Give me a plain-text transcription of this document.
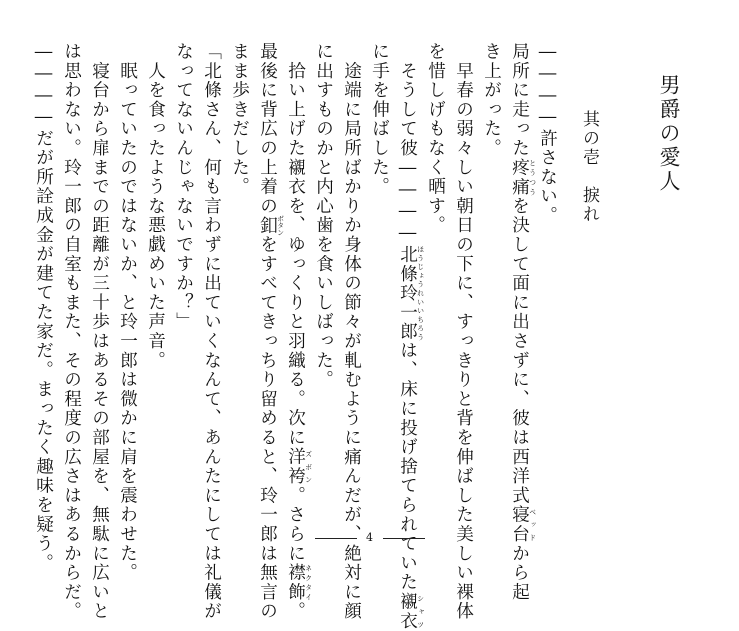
男爵の愛人
其の壱　捩れ
――――許さない。
局所に走った疼痛 とうつうを決して面に出さずに、彼は西洋式寝台 ベッドから起
き上がった。
　早春の弱々しい朝日の下に、すっきりと背を伸ばした美しい裸体
を惜しげもなく晒す。
　そうして彼――――北條玲一郎 ほうじょうれいいちろうは、床に投げ捨てられていた襯衣 シャツ
に手を伸ばした。
　途端に局所ばかりか身体の節々が軋むように痛んだが、絶対に顔
に出すものかと内心歯を食いしばった。
　拾い上げた襯衣を、ゆっくりと羽織る。次に洋袴 ズボン。さらに襟飾 ネクタイ。
最後に背広の上着の釦 ボタンをすべてきっちり留めると、玲一郎は無言の
まま歩きだした。
「北條さん、何も言わずに出ていくなんて、あんたにしては礼儀が
なってないんじゃないですか？」
　人を食ったような悪戯めいた声音。
　眠っていたのではないか、と玲一郎は微かに肩を震わせた。
　寝台から扉までの距離が三十歩はあるその部屋を、無駄に広いと
は思わない。玲一郎の自室もまた、その程度の広さはあるからだ。
――――だが所詮成金が建てた家だ。まったく趣味を疑う。	4
